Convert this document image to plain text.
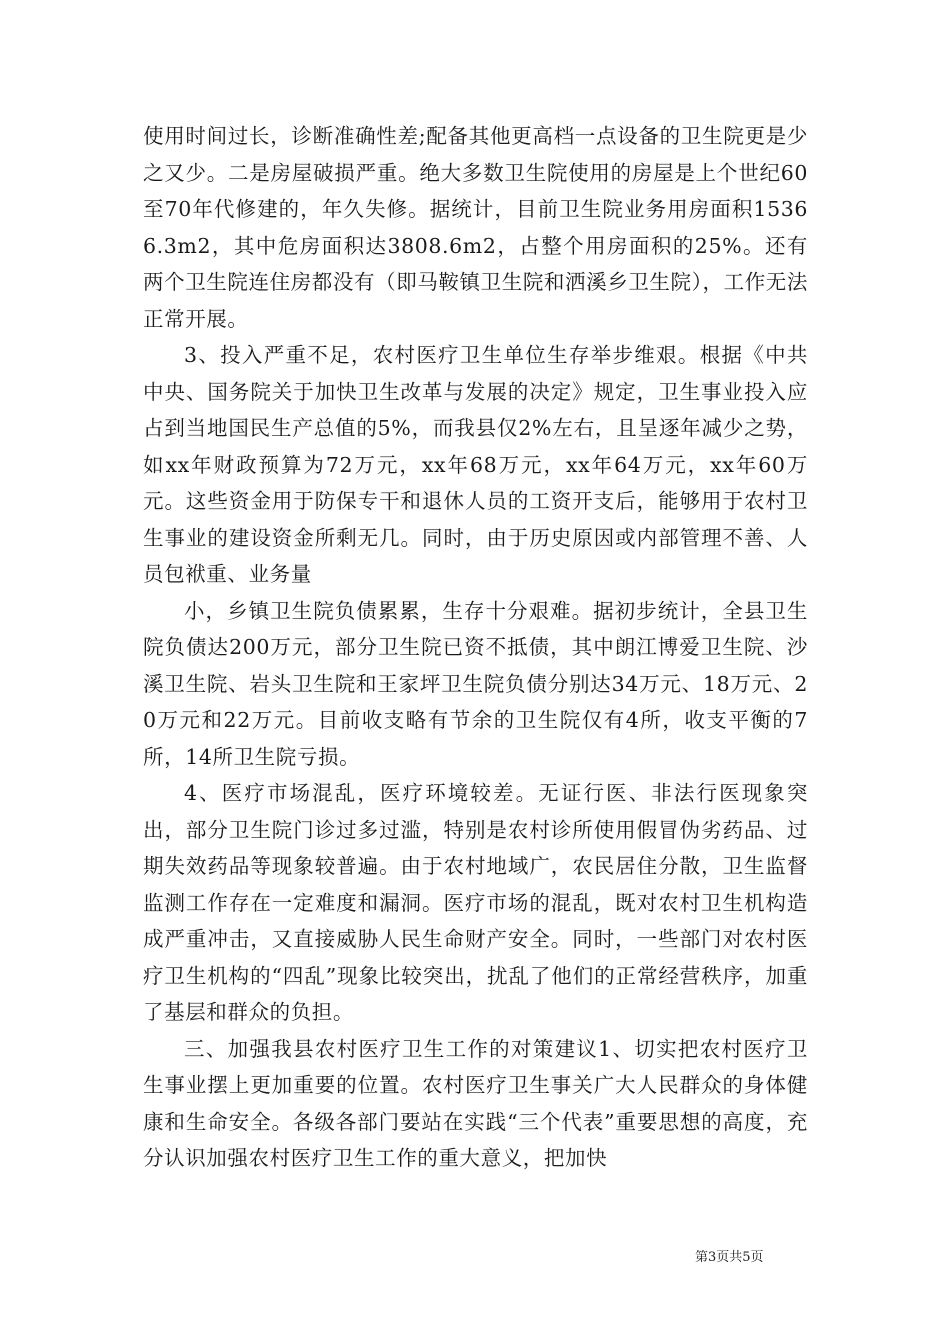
使用时间过长，诊断准确性差;配备其他更高档一点设备的卫生院更是少之又少。二是房屋破损严重。绝大多数卫生院使用的房屋是上个世纪60至70年代修建的，年久失修。据统计，目前卫生院业务用房面积15366.3m2，其中危房面积达3808.6m2，占整个用房面积的25%。还有两个卫生院连住房都没有（即马鞍镇卫生院和洒溪乡卫生院），工作无法正常开展。

3、投入严重不足，农村医疗卫生单位生存举步维艰。根据《中共中央、国务院关于加快卫生改革与发展的决定》规定，卫生事业投入应占到当地国民生产总值的5%，而我县仅2%左右，且呈逐年减少之势，如xx年财政预算为72万元，xx年68万元，xx年64万元，xx年60万元。这些资金用于防保专干和退休人员的工资开支后，能够用于农村卫生事业的建设资金所剩无几。同时，由于历史原因或内部管理不善、人员包袱重、业务量

小，乡镇卫生院负债累累，生存十分艰难。据初步统计，全县卫生院负债达200万元，部分卫生院已资不抵债，其中朗江博爱卫生院、沙溪卫生院、岩头卫生院和王家坪卫生院负债分别达34万元、18万元、20万元和22万元。目前收支略有节余的卫生院仅有4所，收支平衡的7所，14所卫生院亏损。

4、医疗市场混乱，医疗环境较差。无证行医、非法行医现象突出，部分卫生院门诊过多过滥，特别是农村诊所使用假冒伪劣药品、过期失效药品等现象较普遍。由于农村地域广，农民居住分散，卫生监督监测工作存在一定难度和漏洞。医疗市场的混乱，既对农村卫生机构造成严重冲击，又直接威胁人民生命财产安全。同时，一些部门对农村医疗卫生机构的“四乱”现象比较突出，扰乱了他们的正常经营秩序，加重了基层和群众的负担。

三、加强我县农村医疗卫生工作的对策建议1、切实把农村医疗卫生事业摆上更加重要的位置。农村医疗卫生事关广大人民群众的身体健康和生命安全。各级各部门要站在实践“三个代表”重要思想的高度，充分认识加强农村医疗卫生工作的重大意义，把加快

第3页共5页
